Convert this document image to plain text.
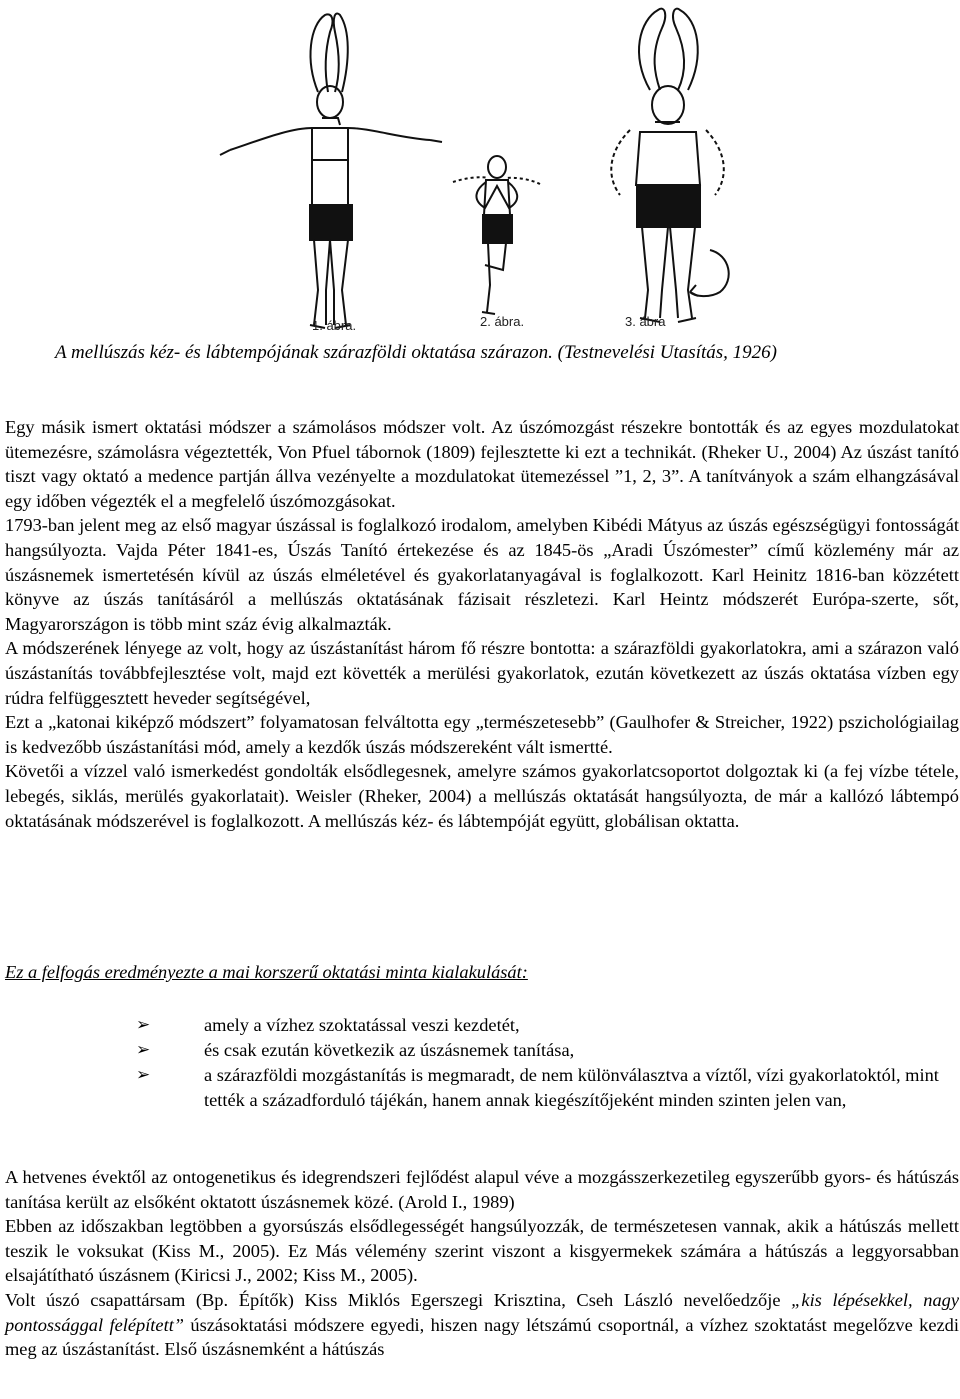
1. ábra.	2. ábra.	3. ábra
A mellúszás kéz- és lábtempójának szárazföldi oktatása szárazon. (Testnevelési Utasítás, 1926)

Egy másik ismert oktatási módszer a számolásos módszer volt. Az úszómozgást részekre bontották és az egyes mozdulatokat ütemezésre, számolásra végeztették, Von Pfuel tábornok (1809) fejlesztette ki ezt a technikát. (Rheker U., 2004) Az úszást tanító tiszt vagy oktató a medence partján állva vezényelte a mozdulatokat ütemezéssel ”1, 2, 3”. A tanítványok a szám elhangzásával egy időben végezték el a megfelelő úszómozgásokat.

1793-ban jelent meg az első magyar úszással is foglalkozó irodalom, amelyben Kibédi Mátyus az úszás egészségügyi fontosságát hangsúlyozta. Vajda Péter 1841-es, Úszás Tanító értekezése és az 1845-ös „Aradi Úszómester” című közlemény már az úszásnemek ismertetésén kívül az úszás elméletével és gyakorlatanyagával is foglalkozott. Karl Heinitz 1816-ban közzétett könyve az úszás tanításáról a mellúszás oktatásának fázisait részletezi. Karl Heintz módszerét Európa-szerte, sőt, Magyarországon is több mint száz évig alkalmazták.

A módszerének lényege az volt, hogy az úszástanítást három fő részre bontotta: a szárazföldi gyakorlatokra, ami a szárazon való úszástanítás továbbfejlesztése volt, majd ezt követték a merülési gyakorlatok, ezután következett az úszás oktatása vízben egy rúdra felfüggesztett heveder segítségével,

Ezt a „katonai kiképző módszert” folyamatosan felváltotta egy „természetesebb” (Gaulhofer & Streicher, 1922) pszichológiailag is kedvezőbb úszástanítási mód, amely a kezdők úszás módszereként vált ismertté.

Követői a vízzel való ismerkedést gondolták elsődlegesnek, amelyre számos gyakorlatcsoportot dolgoztak ki (a fej vízbe tétele, lebegés, siklás, merülés gyakorlatait). Weisler (Rheker, 2004) a mellúszás oktatását hangsúlyozta, de már a kallózó lábtempó oktatásának módszerével is foglalkozott. A mellúszás kéz- és lábtempóját együtt, globálisan oktatta.

Ez a felfogás eredményezte a mai korszerű oktatási minta kialakulását:
➢	amely a vízhez szoktatással veszi kezdetét,
➢	és csak ezután következik az úszásnemek tanítása,
➢	a szárazföldi mozgástanítás is megmaradt, de nem különválasztva a víztől, vízi gyakorlatoktól, mint tették a századforduló tájékán, hanem annak kiegészítőjeként minden szinten jelen van,

A hetvenes évektől az ontogenetikus és idegrendszeri fejlődést alapul véve a mozgásszerkezetileg egyszerűbb gyors- és hátúszás tanítása került az elsőként oktatott úszásnemek közé. (Arold I., 1989)

Ebben az időszakban legtöbben a gyorsúszás elsődlegességét hangsúlyozzák, de természetesen vannak, akik a hátúszás mellett teszik le voksukat (Kiss M., 2005). Ez Más vélemény szerint viszont a kisgyermekek számára a hátúszás a leggyorsabban elsajátítható úszásnem (Kiricsi J., 2002; Kiss M., 2005).

Volt úszó csapattársam (Bp. Építők) Kiss Miklós Egerszegi Krisztina, Cseh László nevelőedzője „kis lépésekkel, nagy pontossággal felépített” úszásoktatási módszere egyedi, hiszen nagy létszámú csoportnál, a vízhez szoktatást megelőzve kezdi meg az úszástanítást. Első úszásnemként a hátúszás
